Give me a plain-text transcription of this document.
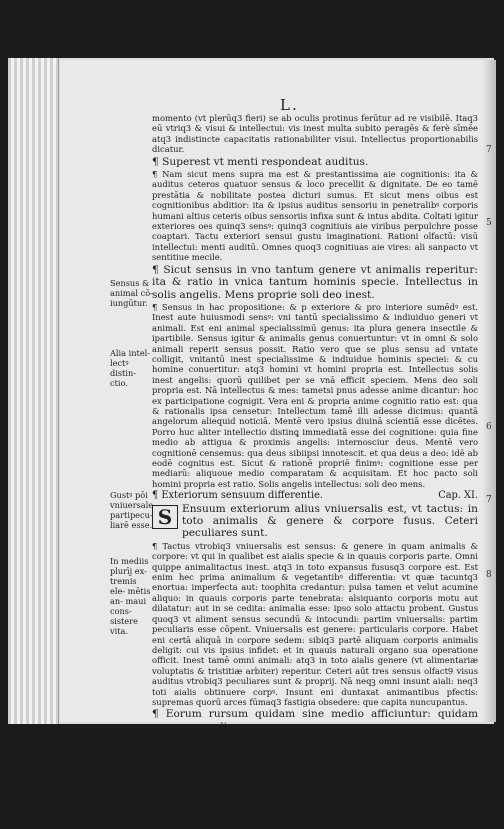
L.
Sensus & animal cō- iungūtur.
Alia intel- lectꝰ distin- ctio.
Gustꝰ pōi vniuersale partipecu- liarē esse.
In mediis plurīj ex- tremis ele- mētis an- maui cons- sistere vita.
7
5
6
7
8

momento (vt plerūq3 fieri) se ab oculis protinus ferūtur ad re visibilē. Itaq3 eū vtriq3 & visui & intellectui: vis inest multa subito peragēs & ferè sīmēe atq3 indistincte capacitatis rationabiliter visui. Intellectus proportionabilis dicatur.

¶ Superest vt menti respondeat auditus.

¶ Nam sicut mens supra ma est & prestantissima aie cognitionis: ita & auditus ceteros quatuor sensus & loco precellit & dignitate. De eo tamē prestātia & nobilitate postea dicturi sumus. Et sicut mens oibus est cognitionibus abditior: ita & ipsius auditus sensoriu in penetralibꝰ corporis humani altius ceteris oibus sensoriis infixa sunt & intus abdita. Coltati igitur exteriores oes quinq3 sensꝰ: quinq3 cognitiuis aie viribus perpulchre posse coaptari. Tactu exteriori sensui gustu imaginationi. Rationi olfactū: visū intellectui: menti auditū. Omnes quoq3 cognitiuas aie vires: ali sanpacto vt sentitiue mecile.

¶ Sicut sensus in vno tantum genere vt animalis reperitur: ita & ratio in vnica tantum hominis specie. Intellectus in solis angelis. Mens proprie soli deo inest.

¶ Sensus in hac propositione: & p exteriore & pro interiore sumēdꝰ est. Inest aute huiusmodi sensꝰ: vni tantū specialissimo & indiuiduo generi vt animali. Est eni animal specialissimū genus: ita plura genera insectile & ipartibile. Sensus igitur & animalis genus conuertuntur: vt in omni & solo animali reperit sensus possit. Ratio vero que se plus sensu ad vntate colligit, vnitantū inest specialissime & indiuidue hominis speciei: & cu homine conuertitur: atq3 homini vt homini propria est. Intellectus solis inest angelis: quorū quilibet per se vnā efficit speciem. Mens deo soli propria est. Nā intellectus & mes: tametsi pnus adesse anime dicantur: hoc ex participatione cognigit. Vera eni & propria anime cognitio ratio est: qua & rationalis ipsa censetur: Intellectum tamē illi adesse dicimus: quantā angelorum aliequid noticiā. Mentē vero ipsius diuinā scientiā esse dicētes. Porro huc aliter intellectio distinꝗ immediatā esse dei cognitione: quia fine medio ab attigua & proximis angelis: internosciur deus. Mentē vero cognitionē censemus: qua deus sibiipsi innotescit. et qua deus a deo: idē ab eodē cognitus est. Sicut & rationē propriē finimꝰ: cognitione esse per mediarū: aliquoue medio comparatam & acquisitam. Et hoc pacto soli homini propria est ratio. Solis angelis intellectus: soli deo mens.

¶ Exteriorum sensuum differentie.	Cap. XI.

S Ensuum exteriorum alius vniuersalis est, vt tactus: in toto animalis & genere & corpore fusus. Ceteri peculiares sunt.

¶ Tactus vtrobiq3 vniuersalis est sensus: & genere in quam animalis & corpore: vt qui in qualibet est aialis specie & in quauis corporis parte. Omni quippe animalitactus inest. atq3 in toto expansus fususq3 corpore est. Est enim hec prima animalium & vegetantibꝰ differentia: vt quæ tacuntq3 enortua: imperfecta aut: toophita credantur: pulsa tamen et velut acumine aliquo: in quauis corporis parte tenebrata: alsiquanto corporis motu aut dilatatur: aut in se cedita: animalia esse: ipso solo attactu probent. Gustus quoq3 vt aliment sensus secundū & intocundi: partim vniuersalis: partim peculiaris esse cōpent. Vniuersalis est genere: particularis corpore. Habet eni certā aliquā in corpore sedem: sibiq3 partē aliquam corporis animalis deligit: cui vis ipsius infidet: et in quauis naturali organo sua operatione officit. Inest tamē omni animali: atq3 in toto aialis genere (vt alimentariæ voluptatis & tristitiæ arbiter) reperitur. Ceteri aūt tres sensus olfact9 visus auditus vtrobiq3 peculiares sunt & proprij. Nā neqꝫ omni insunt aiali: neq3 toti aialis obtinuere corpꝰ. Insunt eni duntaxat animantibus pfectis: supremas quorū arces fūmaq3 fastigia obsedere: que capita nuncupantus.

¶ Eorum rursum quidam sine medio afficiuntur: quidam vero per medium.

¶ Mediū nāq3 exterius: vt aer aut aqua. Internū eni mediū: aut caro est: aut organum: quo vis ipsa sensitiua obsequitur. Rurſū igit sensuū exteriorū alii sine medio a sensibilibus afficiuntur: alij p mediū. Afficiūtur sine medio tactus & gustus. Ideni quod aerē aut gustui q3 perceptibile: superimpositū sit carni & animali attingi oportet. Ceteri aūte tres sensus sibiipsis & per medium: vt aer aqua intersitæ afficitur. Sunt eni aer & aqua media elementa: in quib9 vt plurimū aialis vita cōsistit. & q3 ipsa animalia eis creantur per eaq3 vt rara & subtilia moretur: Externa aute elemēta terra & ignis: minus nobis cognita minusq3 familiaria sunt. nec
